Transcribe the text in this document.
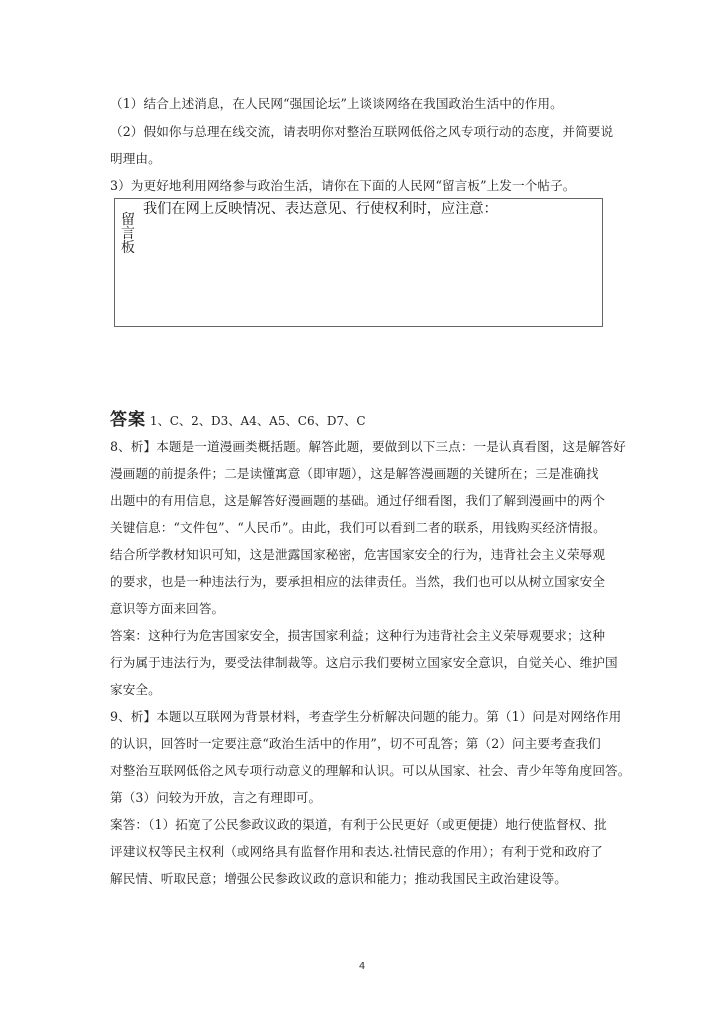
（1）结合上述消息，在人民网“强国论坛”上谈谈网络在我国政治生活中的作用。
（2）假如你与总理在线交流，请表明你对整治互联网低俗之风专项行动的态度，并简要说
明理由。
3）为更好地利用网络参与政治生活，请你在下面的人民网“留言板”上发一个帖子。
留言板
我们在网上反映情况、表达意见、行使权利时，应注意：
答案 1、C、2、D3、A4、A5、C6、D7、C
8、析】本题是一道漫画类概括题。解答此题，要做到以下三点：一是认真看图，这是解答好
漫画题的前提条件；二是读懂寓意（即审题），这是解答漫画题的关键所在；三是准确找
出题中的有用信息，这是解答好漫画题的基础。通过仔细看图，我们了解到漫画中的两个
关键信息：“文件包”、“人民币”。由此，我们可以看到二者的联系，用钱购买经济情报。
结合所学教材知识可知，这是泄露国家秘密，危害国家安全的行为，违背社会主义荣辱观
的要求，也是一种违法行为，要承担相应的法律责任。当然，我们也可以从树立国家安全
意识等方面来回答。
答案：这种行为危害国家安全，损害国家利益；这种行为违背社会主义荣辱观要求；这种
行为属于违法行为，要受法律制裁等。这启示我们要树立国家安全意识，自觉关心、维护国
家安全。
9、析】本题以互联网为背景材料，考查学生分析解决问题的能力。第（1）问是对网络作用
的认识，回答时一定要注意“政治生活中的作用”，切不可乱答；第（2）问主要考查我们
对整治互联网低俗之风专项行动意义的理解和认识。可以从国家、社会、青少年等角度回答。
第（3）问较为开放，言之有理即可。
案答：（1）拓宽了公民参政议政的渠道，有利于公民更好（或更便捷）地行使监督权、批
评建议权等民主权利（或网络具有监督作用和表达.社情民意的作用）；有利于党和政府了
解民情、听取民意；增强公民参政议政的意识和能力；推动我国民主政治建设等。
4
